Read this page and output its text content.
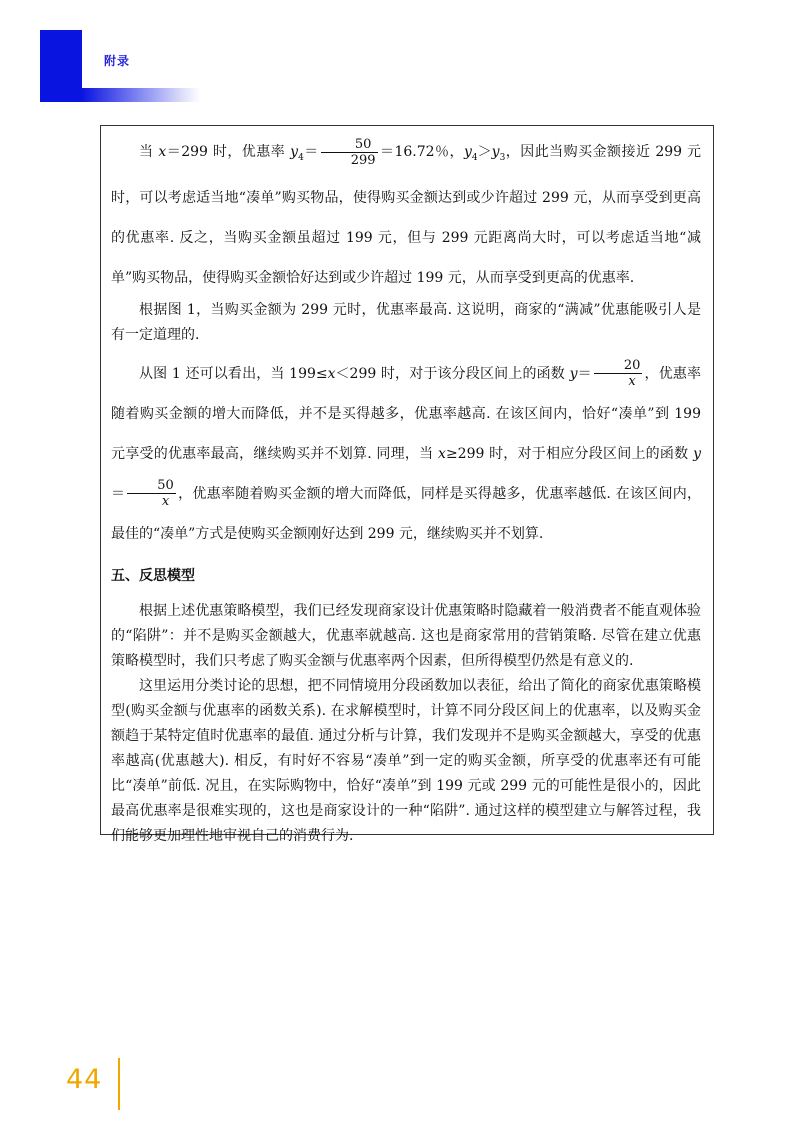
附录

当 x＝299 时，优惠率 $y_4= \frac{50}{299} =16.72$％，$y_4>y_3$，因此当购买金额接近 299 元时，可以考虑适当地“凑单”购买物品，使得购买金额达到或少许超过 299 元，从而享受到更高的优惠率. 反之，当购买金额虽超过 199 元，但与 299 元距离尚大时，可以考虑适当地“减单”购买物品，使得购买金额恰好达到或少许超过 199 元，从而享受到更高的优惠率.

根据图 1，当购买金额为 299 元时，优惠率最高. 这说明，商家的“满减”优惠能吸引人是有一定道理的.

从图 1 还可以看出，当 199≤x＜299 时，对于该分段区间上的函数 $y= \frac{20}{x}$ ，优惠率随着购买金额的增大而降低，并不是买得越多，优惠率越高. 在该区间内，恰好“凑单”到 199 元享受的优惠率最高，继续购买并不划算. 同理，当 x≥299 时，对于相应分段区间上的函数 $y= \frac{50}{x}$ ，优惠率随着购买金额的增大而降低，同样是买得越多，优惠率越低. 在该区间内，最佳的“凑单”方式是使购买金额刚好达到 299 元，继续购买并不划算.

五、反思模型

根据上述优惠策略模型，我们已经发现商家设计优惠策略时隐藏着一般消费者不能直观体验的“陷阱”：并不是购买金额越大，优惠率就越高. 这也是商家常用的营销策略. 尽管在建立优惠策略模型时，我们只考虑了购买金额与优惠率两个因素，但所得模型仍然是有意义的.

这里运用分类讨论的思想，把不同情境用分段函数加以表征，给出了简化的商家优惠策略模型(购买金额与优惠率的函数关系). 在求解模型时，计算不同分段区间上的优惠率，以及购买金额趋于某特定值时优惠率的最值. 通过分析与计算，我们发现并不是购买金额越大，享受的优惠率越高(优惠越大). 相反，有时好不容易“凑单”到一定的购买金额，所享受的优惠率还有可能比“凑单”前低. 况且，在实际购物中，恰好“凑单”到 199 元或 299 元的可能性是很小的，因此最高优惠率是很难实现的，这也是商家设计的一种“陷阱”. 通过这样的模型建立与解答过程，我们能够更加理性地审视自己的消费行为.

44
